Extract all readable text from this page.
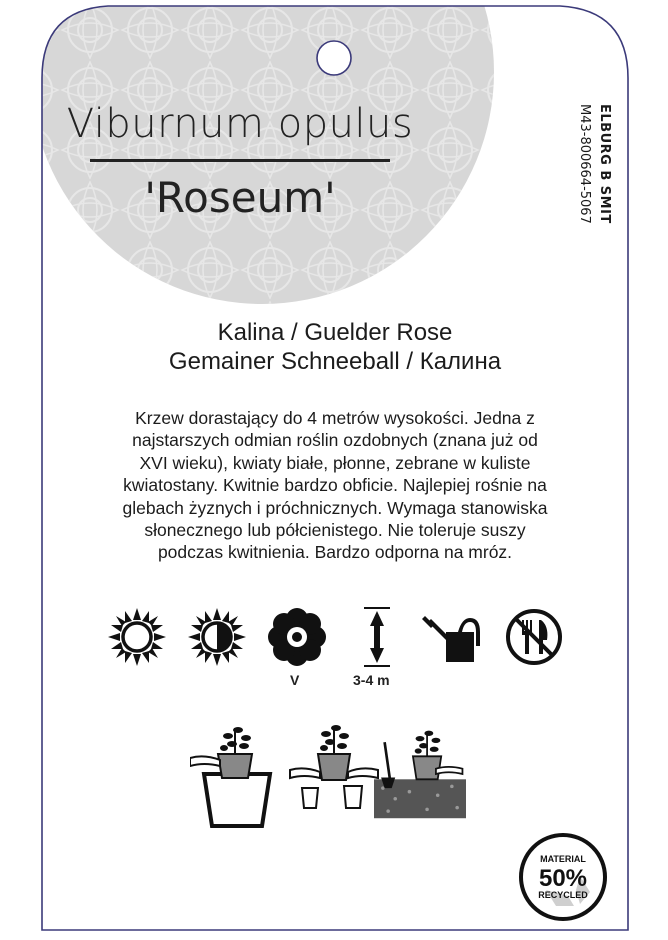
Viburnum opulus

'Roseum'	ELBURG B SMIT
M43-800664-5067
Kalina / Guelder Rose
Gemainer Schneeball / Калина
Krzew dorastający do 4 metrów wysokości. Jedna z
najstarszych odmian roślin ozdobnych (znana już od
XVI wieku), kwiaty białe, płonne, zebrane w kuliste
kwiatostany. Kwitnie bardzo obficie. Najlepiej rośnie na
glebach żyznych i próchnicznych. Wymaga stanowiska
słonecznego lub półcienistego. Nie toleruje suszy
podczas kwitnienia. Bardzo odporna na mróz.
V	3-4 m
MATERIAL
50%
RECYCLED
